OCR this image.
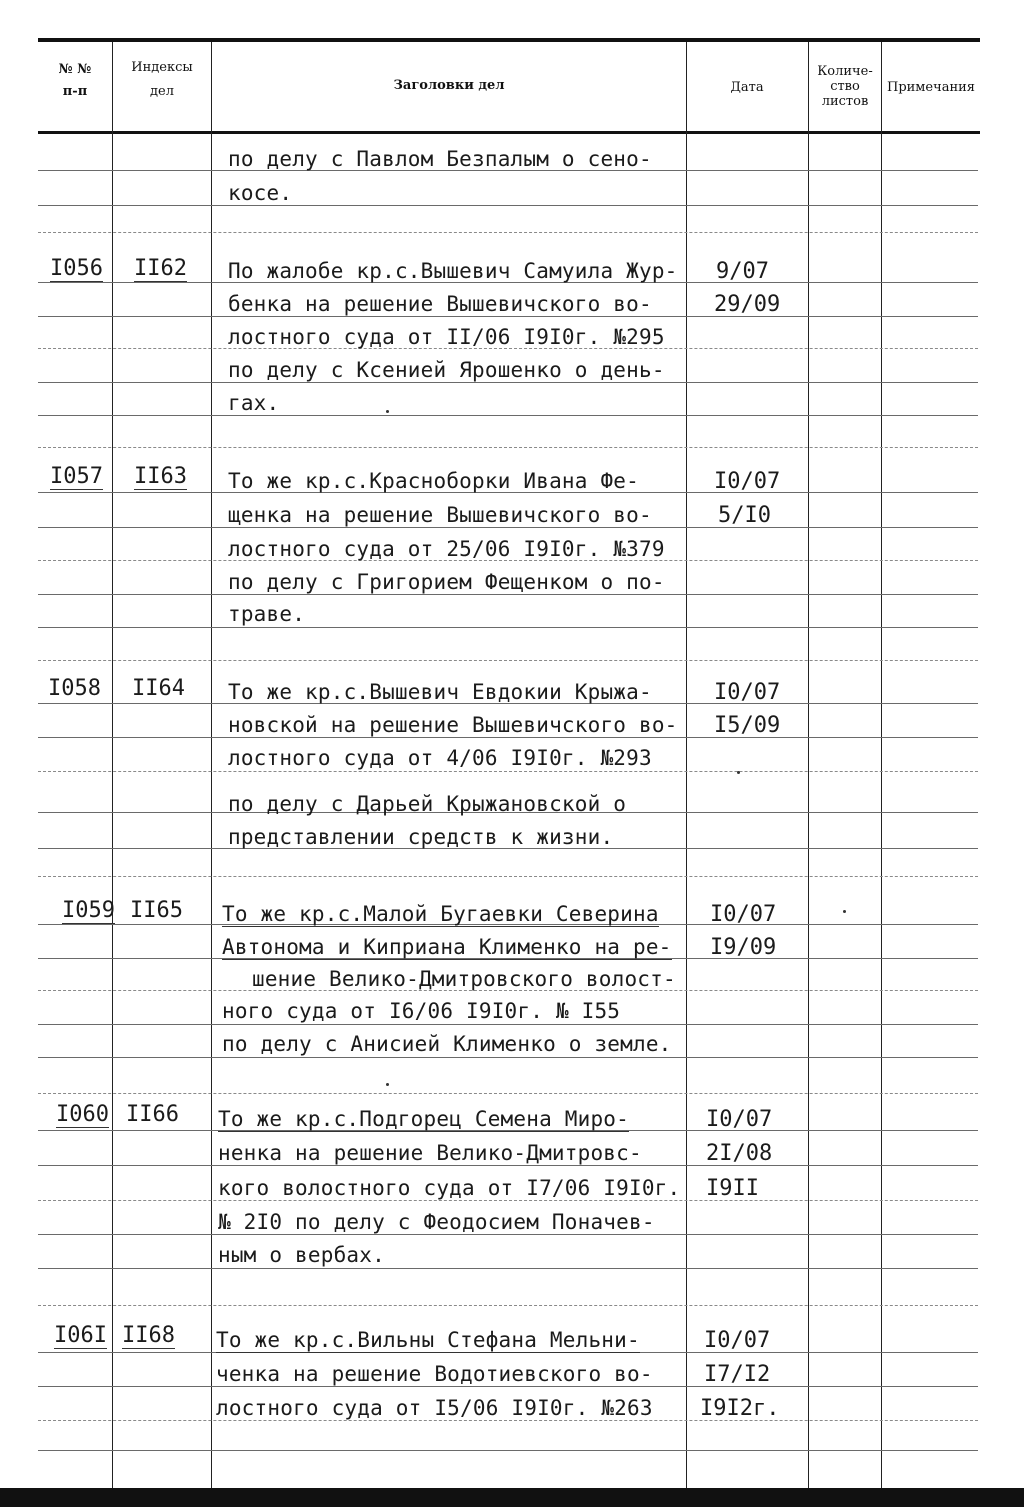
№ №
п-п
Индексы
дел	Заголовки дел	Дата
Количе-
ство
листов
Примечания
по делу с Павлом Безпалым о сено-
косе.
I056 II62 По жалобе кр.с.Вышевич Самуила Жур-
бенка на решение Вышевичского во-
лостного суда от II/06 I9I0г. №295
по делу с Ксенией Ярошенко о день-
гах.
9/07
29/09
I057 II63 То же кр.с.Красноборки Ивана Фе-
щенка на решение Вышевичского во-
лостного суда от 25/06 I9I0г. №379
по делу с Григорием Фещенком о по-
траве.
I0/07
5/I0
I058 II64 То же кр.с.Вышевич Евдокии Крыжа-
новской на решение Вышевичского во-
лостного суда от 4/06 I9I0г. №293
по делу с Дарьей Крыжановской о
представлении средств к жизни.
I0/07
I5/09
I059 II65 То же кр.с.Малой Бугаевки Северина
Автонома и Киприана Клименко на ре-
шение Велико-Дмитровского волост-
ного суда от I6/06 I9I0г. № I55
по делу с Анисией Клименко о земле.
I0/07
I9/09
I060 II66 То же кр.с.Подгорец Семена Миро-
ненка на решение Велико-Дмитровс-
кого волостного суда от I7/06 I9I0г.
№ 2I0 по делу с Феодосием Поначев-
ным о вербах.
I0/07
2I/08
I9II
I06I II68 То же кр.с.Вильны Стефана Мельни-
ченка на решение Водотиевского во-
лостного суда от I5/06 I9I0г. №263
I0/07
I7/I2
I9I2г.
